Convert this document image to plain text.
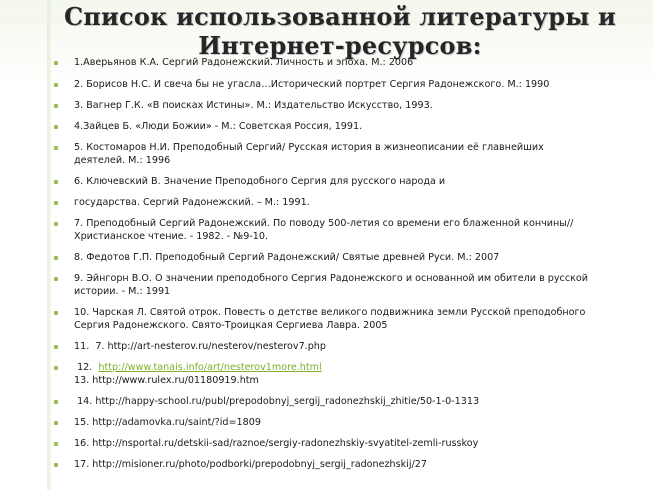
Список использованной литературы и
Интернет-ресурсов:
1.Аверьянов К.А. Сергий Радонежский. Личность и эпоха. М.: 2006
2. Борисов Н.С. И свеча бы не угасла…Исторический портрет Сергия Радонежского. М.: 1990
3. Вагнер Г.К. «В поисках Истины». М.: Издательство Искусство, 1993.
4.Зайцев Б. «Люди Божии» - М.: Советская Россия, 1991.
5. Костомаров Н.И. Преподобный Сергий/ Русская история в жизнеописании её главнейших деятелей. М.: 1996
6. Ключевский В. Значение Преподобного Сергия для русского народа и
государства. Сергий Радонежский. – М.: 1991.
7. Преподобный Сергий Радонежский. По поводу 500-летия со времени его блаженной кончины// Христианское чтение. - 1982. - №9-10.
8. Федотов Г.П. Преподобный Сергий Радонежский/ Святые древней Руси. М.: 2007
9. Эйнгорн В.О. О значении преподобного Сергия Радонежского и основанной им обители в русской истории. - М.: 1991
10. Чарская Л. Святой отрок. Повесть о детстве великого подвижника земли Русской преподобного Сергия Радонежского. Свято-Троицкая Сергиева Лавра. 2005
11.  7. http://art-nesterov.ru/nesterov/nesterov7.php
12.  http://www.tanais.info/art/nesterov1more.html
13. http://www.rulex.ru/01180919.htm
14. http://happy-school.ru/publ/prepodobnyj_sergij_radonezhskij_zhitie/50-1-0-1313
15. http://adamovka.ru/saint/?id=1809
16. http://nsportal.ru/detskii-sad/raznoe/sergiy-radonezhskiy-svyatitel-zemli-russkoy
17. http://misioner.ru/photo/podborki/prepodobnyj_sergij_radonezhskij/27
